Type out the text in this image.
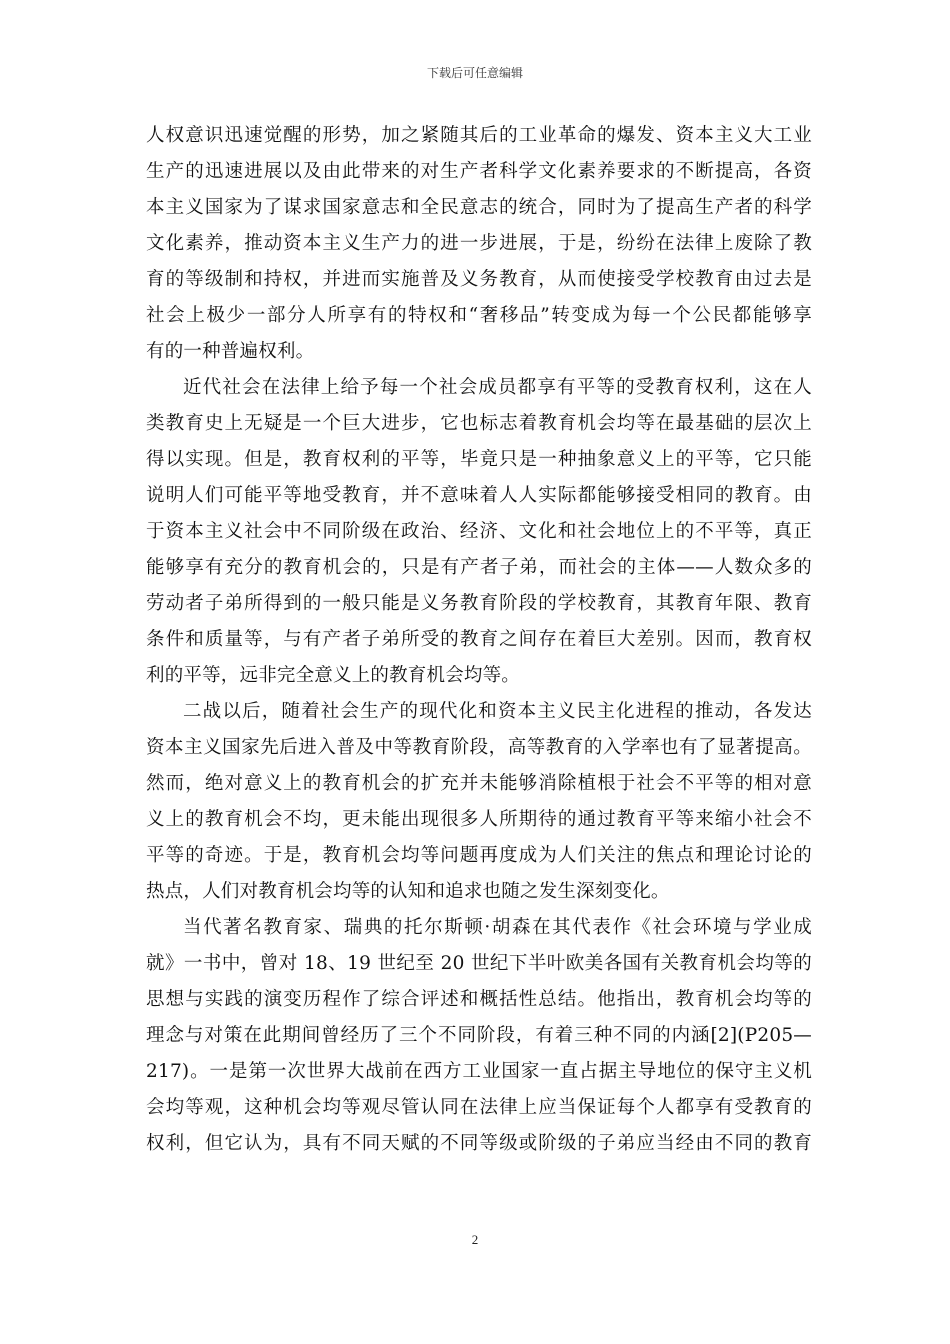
下载后可任意编辑
人权意识迅速觉醒的形势，加之紧随其后的工业革命的爆发、资本主义大工业
生产的迅速进展以及由此带来的对生产者科学文化素养要求的不断提高，各资
本主义国家为了谋求国家意志和全民意志的统合，同时为了提高生产者的科学
文化素养，推动资本主义生产力的进一步进展，于是，纷纷在法律上废除了教
育的等级制和持权，并进而实施普及义务教育，从而使接受学校教育由过去是
社会上极少一部分人所享有的特权和“奢移品”转变成为每一个公民都能够享
有的一种普遍权利。
近代社会在法律上给予每一个社会成员都享有平等的受教育权利，这在人
类教育史上无疑是一个巨大进步，它也标志着教育机会均等在最基础的层次上
得以实现。但是，教育权利的平等，毕竟只是一种抽象意义上的平等，它只能
说明人们可能平等地受教育，并不意味着人人实际都能够接受相同的教育。由
于资本主义社会中不同阶级在政治、经济、文化和社会地位上的不平等，真正
能够享有充分的教育机会的，只是有产者子弟，而社会的主体——人数众多的
劳动者子弟所得到的一般只能是义务教育阶段的学校教育，其教育年限、教育
条件和质量等，与有产者子弟所受的教育之间存在着巨大差别。因而，教育权
利的平等，远非完全意义上的教育机会均等。
二战以后，随着社会生产的现代化和资本主义民主化进程的推动，各发达
资本主义国家先后进入普及中等教育阶段，高等教育的入学率也有了显著提高。
然而，绝对意义上的教育机会的扩充并未能够消除植根于社会不平等的相对意
义上的教育机会不均，更未能出现很多人所期待的通过教育平等来缩小社会不
平等的奇迹。于是，教育机会均等问题再度成为人们关注的焦点和理论讨论的
热点，人们对教育机会均等的认知和追求也随之发生深刻变化。
当代著名教育家、瑞典的托尔斯顿·胡森在其代表作《社会环境与学业成
就》一书中，曾对 18、19 世纪至 20 世纪下半叶欧美各国有关教育机会均等的
思想与实践的演变历程作了综合评述和概括性总结。他指出，教育机会均等的
理念与对策在此期间曾经历了三个不同阶段，有着三种不同的内涵[2](P205—
217)。一是第一次世界大战前在西方工业国家一直占据主导地位的保守主义机
会均等观，这种机会均等观尽管认同在法律上应当保证每个人都享有受教育的
权利，但它认为，具有不同天赋的不同等级或阶级的子弟应当经由不同的教育
2
